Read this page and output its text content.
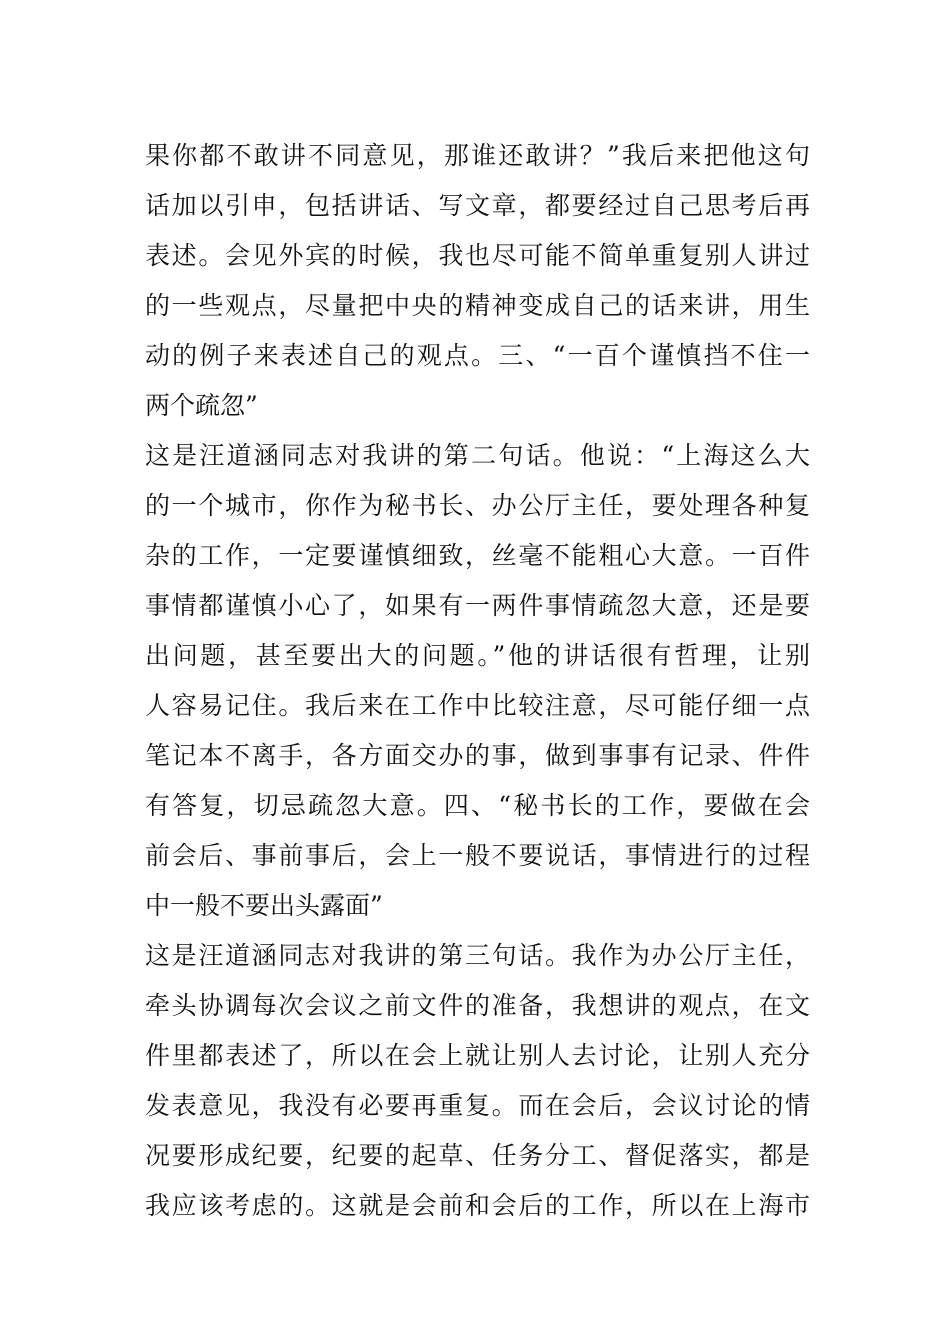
果你都不敢讲不同意见，那谁还敢讲？”我后来把他这句
话加以引申，包括讲话、写文章，都要经过自己思考后再
表述。会见外宾的时候，我也尽可能不简单重复别人讲过
的一些观点，尽量把中央的精神变成自己的话来讲，用生
动的例子来表述自己的观点。三、“一百个谨慎挡不住一
两个疏忽”
这是汪道涵同志对我讲的第二句话。他说：“上海这么大
的一个城市，你作为秘书长、办公厅主任，要处理各种复
杂的工作，一定要谨慎细致，丝毫不能粗心大意。一百件
事情都谨慎小心了，如果有一两件事情疏忽大意，还是要
出问题，甚至要出大的问题。”他的讲话很有哲理，让别
人容易记住。我后来在工作中比较注意，尽可能仔细一点
笔记本不离手，各方面交办的事，做到事事有记录、件件
有答复，切忌疏忽大意。四、“秘书长的工作，要做在会
前会后、事前事后，会上一般不要说话，事情进行的过程
中一般不要出头露面”
这是汪道涵同志对我讲的第三句话。我作为办公厅主任，
牵头协调每次会议之前文件的准备，我想讲的观点，在文
件里都表述了，所以在会上就让别人去讨论，让别人充分
发表意见，我没有必要再重复。而在会后，会议讨论的情
况要形成纪要，纪要的起草、任务分工、督促落实，都是
我应该考虑的。这就是会前和会后的工作，所以在上海市
